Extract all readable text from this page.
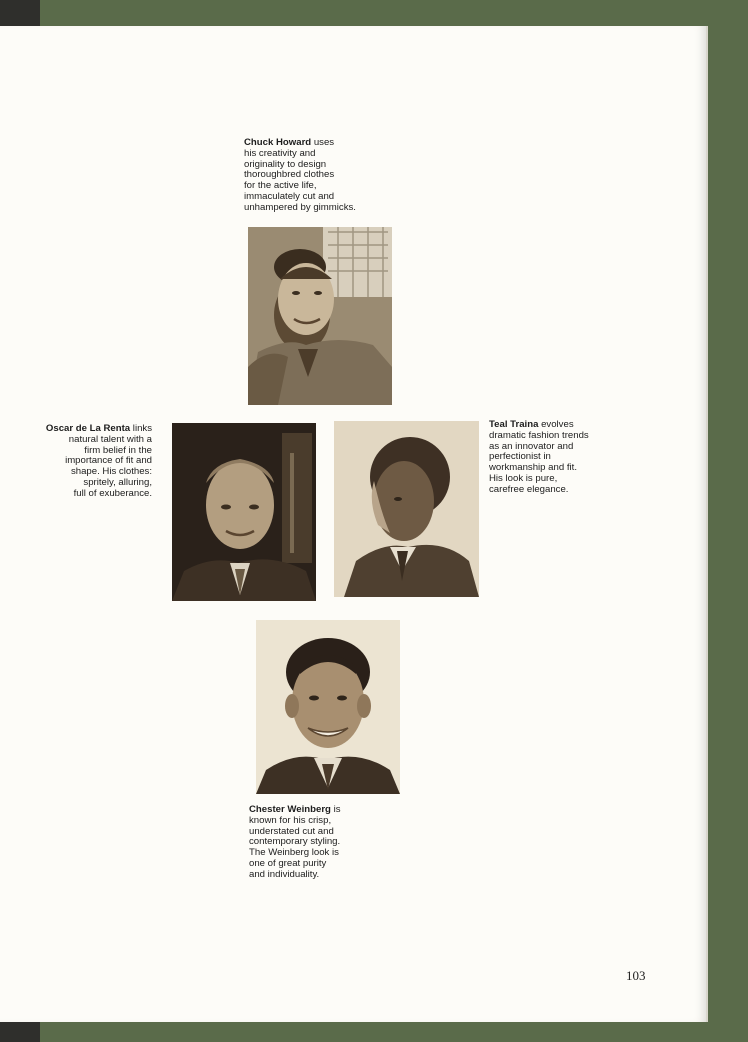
Chuck Howard uses
his creativity and
originality to design
thoroughbred clothes
for the active life,
immaculately cut and
unhampered by gimmicks.
Oscar de La Renta links
natural talent with a
firm belief in the
importance of fit and
shape. His clothes:
spritely, alluring,
full of exuberance.
Teal Traina evolves
dramatic fashion trends
as an innovator and
perfectionist in
workmanship and fit.
His look is pure,
carefree elegance.
Chester Weinberg is
known for his crisp,
understated cut and
contemporary styling.
The Weinberg look is
one of great purity
and individuality.
103
